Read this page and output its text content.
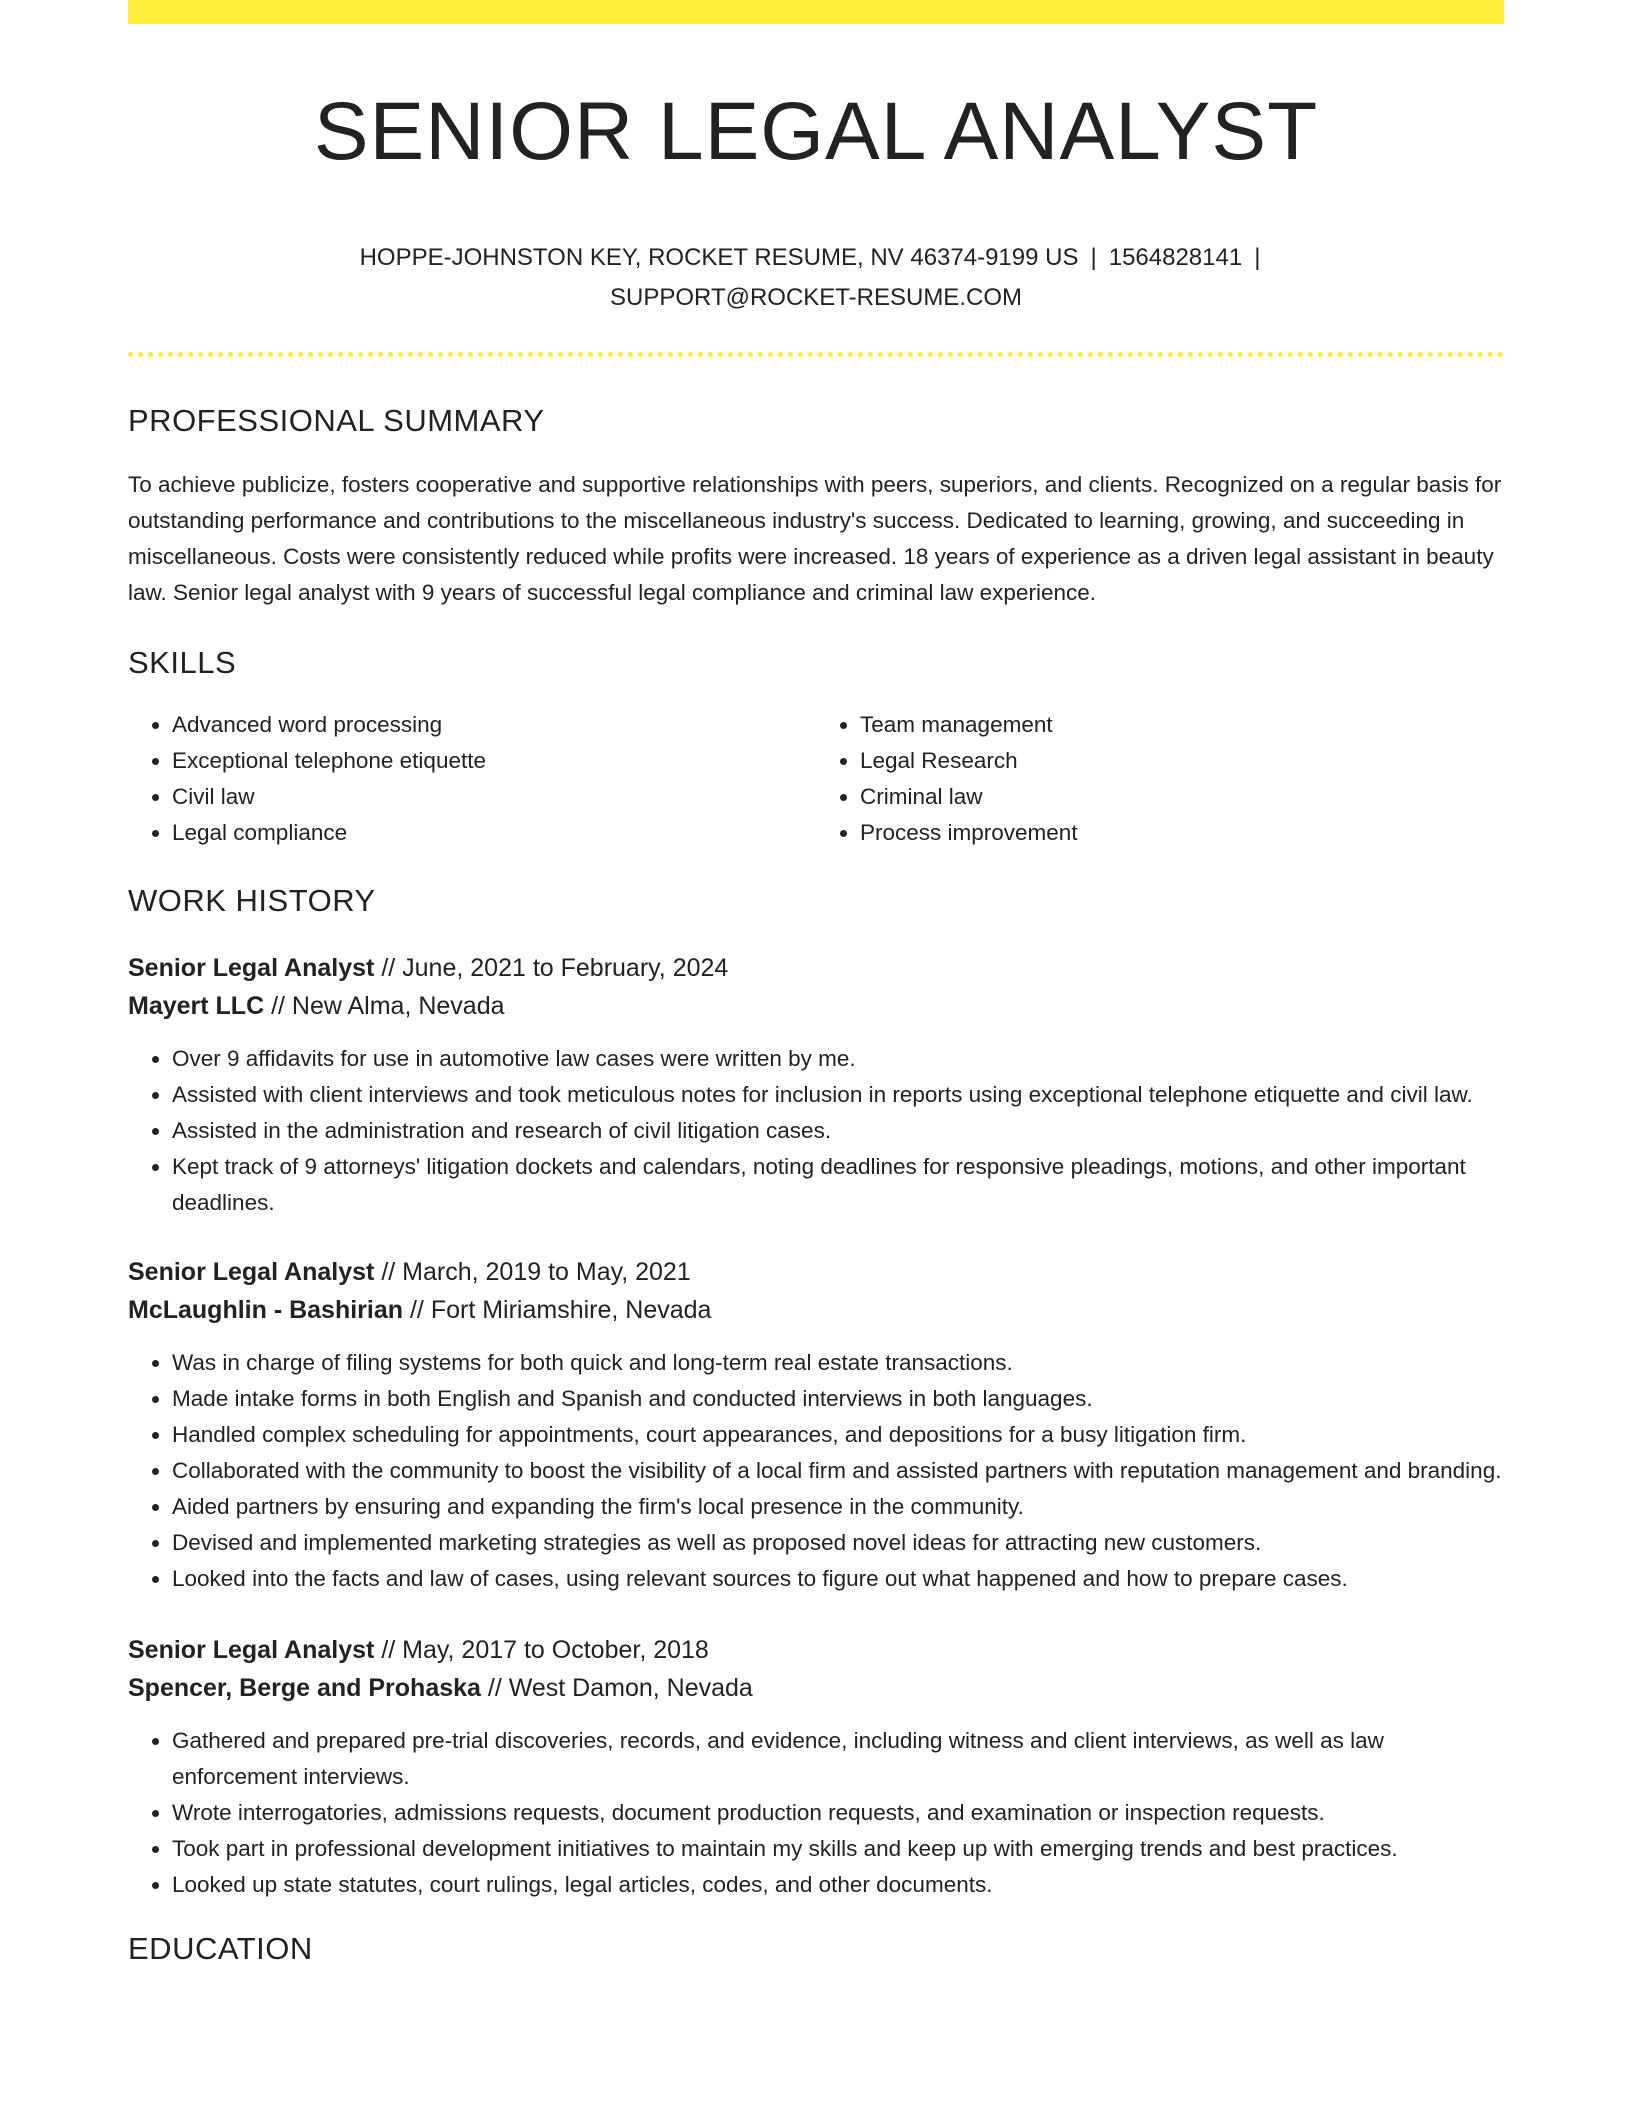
SENIOR LEGAL ANALYST
HOPPE-JOHNSTON KEY, ROCKET RESUME, NV 46374-9199 US | 1564828141 |
SUPPORT@ROCKET-RESUME.COM
PROFESSIONAL SUMMARY

To achieve publicize, fosters cooperative and supportive relationships with peers, superiors, and clients. Recognized on a regular basis for outstanding performance and contributions to the miscellaneous industry's success. Dedicated to learning, growing, and succeeding in miscellaneous. Costs were consistently reduced while profits were increased. 18 years of experience as a driven legal assistant in beauty law. Senior legal analyst with 9 years of successful legal compliance and criminal law experience.

SKILLS
• Advanced word processing
• Exceptional telephone etiquette
• Civil law
• Legal compliance
• Team management
• Legal Research
• Criminal law
• Process improvement
WORK HISTORY
Senior Legal Analyst // June, 2021 to February, 2024
Mayert LLC // New Alma, Nevada
• Over 9 affidavits for use in automotive law cases were written by me.
• Assisted with client interviews and took meticulous notes for inclusion in reports using exceptional telephone etiquette and civil law.
• Assisted in the administration and research of civil litigation cases.
• Kept track of 9 attorneys' litigation dockets and calendars, noting deadlines for responsive pleadings, motions, and other important deadlines.
Senior Legal Analyst // March, 2019 to May, 2021
McLaughlin - Bashirian // Fort Miriamshire, Nevada
• Was in charge of filing systems for both quick and long-term real estate transactions.
• Made intake forms in both English and Spanish and conducted interviews in both languages.
• Handled complex scheduling for appointments, court appearances, and depositions for a busy litigation firm.
• Collaborated with the community to boost the visibility of a local firm and assisted partners with reputation management and branding.
• Aided partners by ensuring and expanding the firm's local presence in the community.
• Devised and implemented marketing strategies as well as proposed novel ideas for attracting new customers.
• Looked into the facts and law of cases, using relevant sources to figure out what happened and how to prepare cases.
Senior Legal Analyst // May, 2017 to October, 2018
Spencer, Berge and Prohaska // West Damon, Nevada
• Gathered and prepared pre-trial discoveries, records, and evidence, including witness and client interviews, as well as law enforcement interviews.
• Wrote interrogatories, admissions requests, document production requests, and examination or inspection requests.
• Took part in professional development initiatives to maintain my skills and keep up with emerging trends and best practices.
• Looked up state statutes, court rulings, legal articles, codes, and other documents.
EDUCATION
